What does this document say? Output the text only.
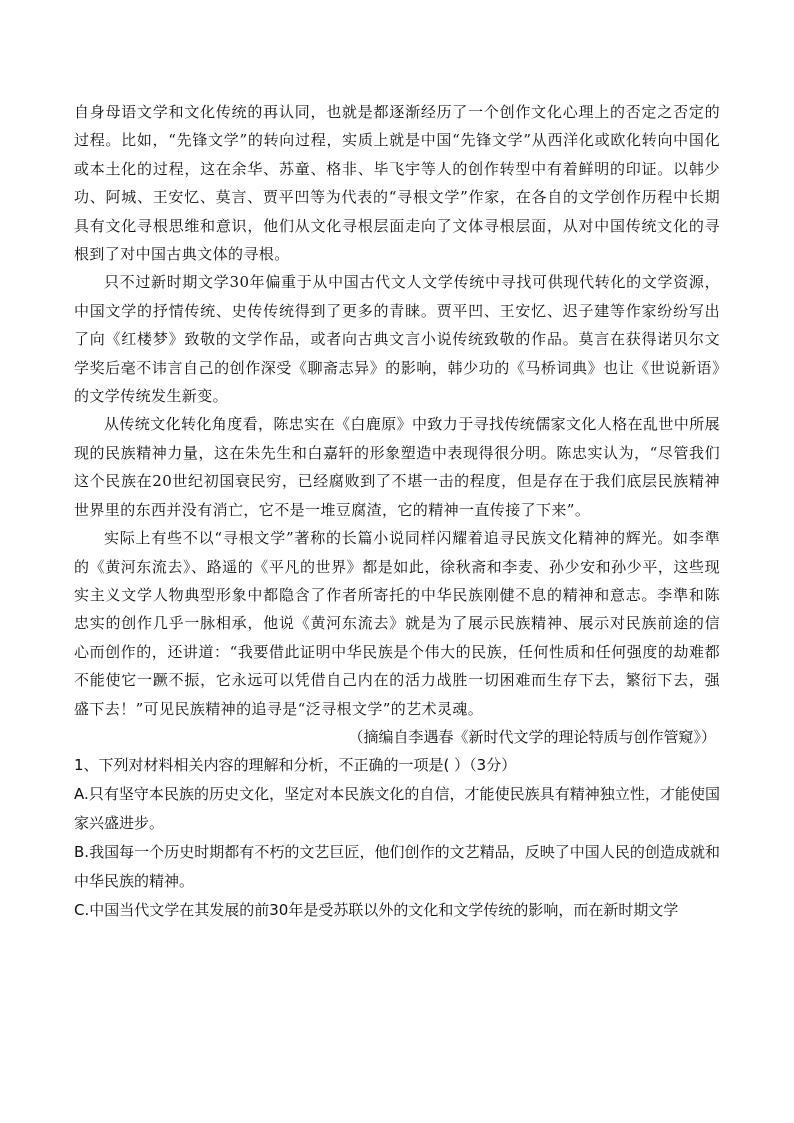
自身母语文学和文化传统的再认同，也就是都逐渐经历了一个创作文化心理上的否定之否定的过程。比如，“先锋文学”的转向过程，实质上就是中国“先锋文学”从西洋化或欧化转向中国化或本土化的过程，这在余华、苏童、格非、毕飞宇等人的创作转型中有着鲜明的印证。以韩少功、阿城、王安忆、莫言、贾平凹等为代表的“寻根文学”作家，在各自的文学创作历程中长期具有文化寻根思维和意识，他们从文化寻根层面走向了文体寻根层面，从对中国传统文化的寻根到了对中国古典文体的寻根。

只不过新时期文学30年偏重于从中国古代文人文学传统中寻找可供现代转化的文学资源，中国文学的抒情传统、史传传统得到了更多的青睐。贾平凹、王安忆、迟子建等作家纷纷写出了向《红楼梦》致敬的文学作品，或者向古典文言小说传统致敬的作品。莫言在获得诺贝尔文学奖后毫不讳言自己的创作深受《聊斋志异》的影响，韩少功的《马桥词典》也让《世说新语》的文学传统发生新变。

从传统文化转化角度看，陈忠实在《白鹿原》中致力于寻找传统儒家文化人格在乱世中所展现的民族精神力量，这在朱先生和白嘉轩的形象塑造中表现得很分明。陈忠实认为，“尽管我们这个民族在20世纪初国衰民穷，已经腐败到了不堪一击的程度，但是存在于我们底层民族精神世界里的东西并没有消亡，它不是一堆豆腐渣，它的精神一直传接了下来”。

实际上有些不以“寻根文学”著称的长篇小说同样闪耀着追寻民族文化精神的辉光。如李準的《黄河东流去》、路遥的《平凡的世界》都是如此，徐秋斋和李麦、孙少安和孙少平，这些现实主义文学人物典型形象中都隐含了作者所寄托的中华民族刚健不息的精神和意志。李準和陈忠实的创作几乎一脉相承，他说《黄河东流去》就是为了展示民族精神、展示对民族前途的信心而创作的，还讲道：“我要借此证明中华民族是个伟大的民族，任何性质和任何强度的劫难都不能使它一蹶不振，它永远可以凭借自己内在的活力战胜一切困难而生存下去，繁衍下去，强盛下去！”可见民族精神的追寻是“泛寻根文学”的艺术灵魂。

（摘编自李遇春《新时代文学的理论特质与创作管窥》）

1、下列对材料相关内容的理解和分析，不正确的一项是( ）（3分）

A.只有坚守本民族的历史文化，坚定对本民族文化的自信，才能使民族具有精神独立性，才能使国家兴盛进步。

B.我国每一个历史时期都有不朽的文艺巨匠，他们创作的文艺精品，反映了中国人民的创造成就和中华民族的精神。

C.中国当代文学在其发展的前30年是受苏联以外的文化和文学传统的影响，而在新时期文学
